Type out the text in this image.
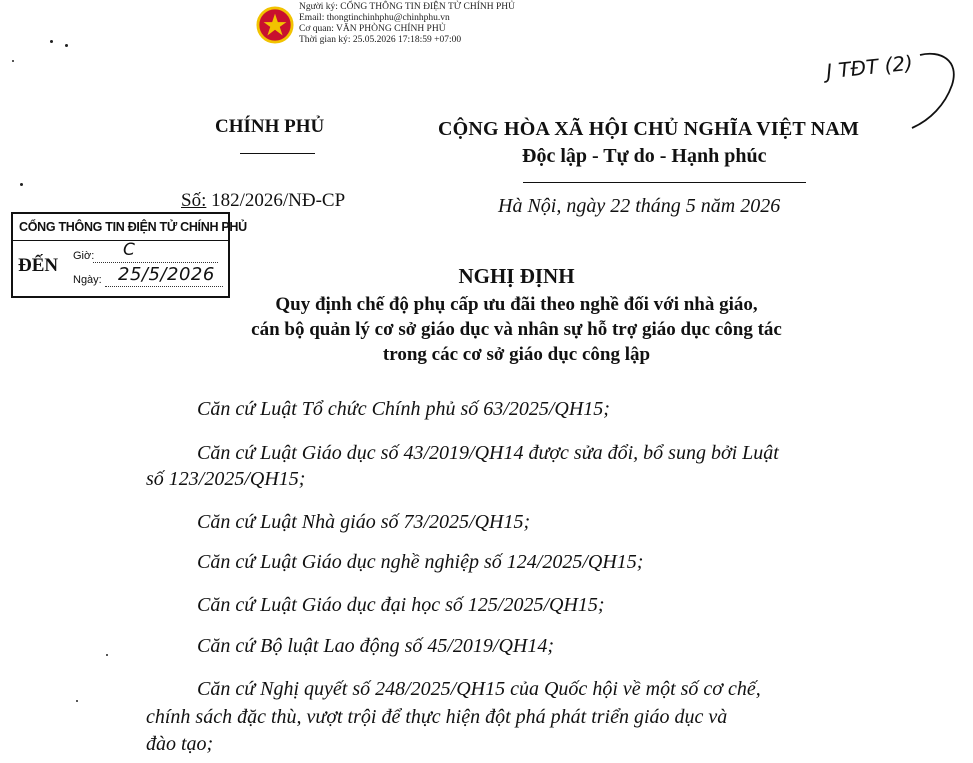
Người ký: CỔNG THÔNG TIN ĐIỆN TỬ CHÍNH PHỦ
Email: thongtinchinhphu@chinhphu.vn
Cơ quan: VĂN PHÒNG CHÍNH PHỦ
Thời gian ký: 25.05.2026 17:18:59 +07:00
J TĐT (2)
CHÍNH PHỦ	CỘNG HÒA XÃ HỘI CHỦ NGHĨA VIỆT NAM
Độc lập - Tự do - Hạnh phúc
Số: 182/2026/NĐ-CP	Hà Nội, ngày 22 tháng 5 năm 2026
CỔNG THÔNG TIN ĐIỆN TỬ CHÍNH PHỦ
ĐẾN Giờ: C
Ngày: 25/5/2026	NGHỊ ĐỊNH
Quy định chế độ phụ cấp ưu đãi theo nghề đối với nhà giáo,
cán bộ quản lý cơ sở giáo dục và nhân sự hỗ trợ giáo dục công tác
trong các cơ sở giáo dục công lập
Căn cứ Luật Tổ chức Chính phủ số 63/2025/QH15;
Căn cứ Luật Giáo dục số 43/2019/QH14 được sửa đổi, bổ sung bởi Luật
số 123/2025/QH15;
Căn cứ Luật Nhà giáo số 73/2025/QH15;
Căn cứ Luật Giáo dục nghề nghiệp số 124/2025/QH15;
Căn cứ Luật Giáo dục đại học số 125/2025/QH15;
Căn cứ Bộ luật Lao động số 45/2019/QH14;
Căn cứ Nghị quyết số 248/2025/QH15 của Quốc hội về một số cơ chế,
chính sách đặc thù, vượt trội để thực hiện đột phá phát triển giáo dục và
đào tạo;
